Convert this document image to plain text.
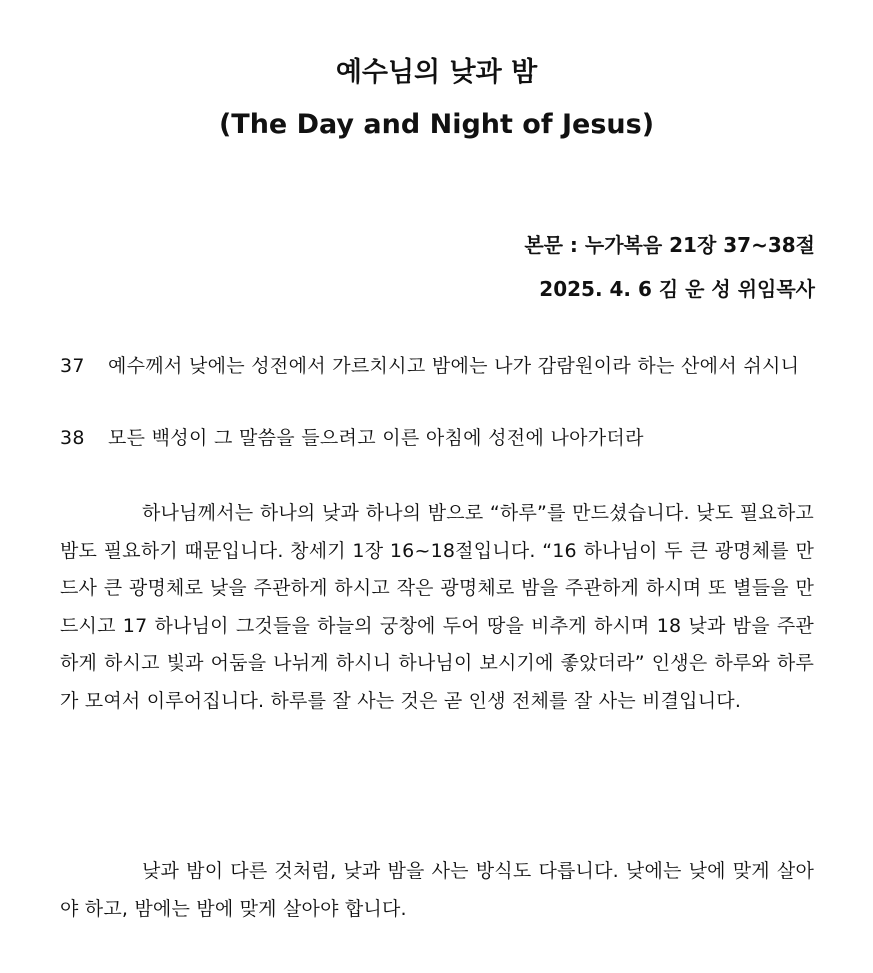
예수님의 낮과 밤
(The Day and Night of Jesus)
본문 : 누가복음 21장 37~38절
2025. 4. 6 김 운 성 위임목사
37 예수께서 낮에는 성전에서 가르치시고 밤에는 나가 감람원이라 하는 산에서 쉬시니
38 모든 백성이 그 말씀을 들으려고 이른 아침에 성전에 나아가더라

하나님께서는 하나의 낮과 하나의 밤으로 “하루”를 만드셨습니다. 낮도 필요하고 밤도 필요하기 때문입니다. 창세기 1장 16~18절입니다. “16 하나님이 두 큰 광명체를 만드사 큰 광명체로 낮을 주관하게 하시고 작은 광명체로 밤을 주관하게 하시며 또 별들을 만드시고 17 하나님이 그것들을 하늘의 궁창에 두어 땅을 비추게 하시며 18 낮과 밤을 주관하게 하시고 빛과 어둠을 나뉘게 하시니 하나님이 보시기에 좋았더라” 인생은 하루와 하루가 모여서 이루어집니다. 하루를 잘 사는 것은 곧 인생 전체를 잘 사는 비결입니다.

낮과 밤이 다른 것처럼, 낮과 밤을 사는 방식도 다릅니다. 낮에는 낮에 맞게 살아야 하고, 밤에는 밤에 맞게 살아야 합니다.
